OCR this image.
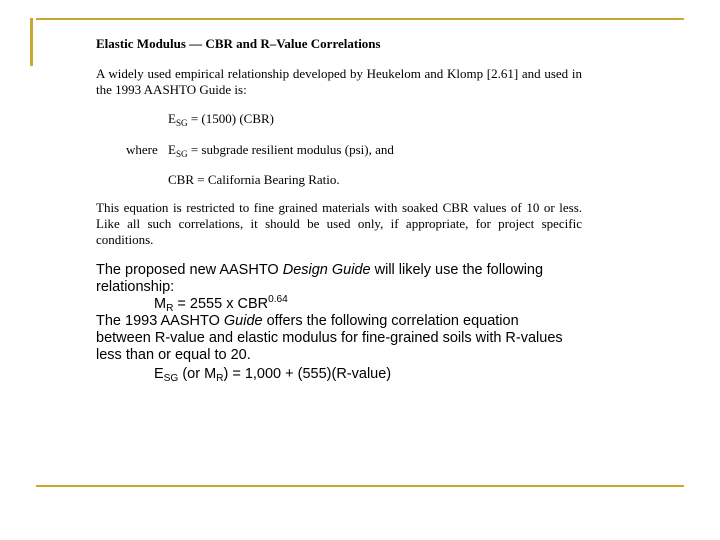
Elastic Modulus — CBR and R–Value Correlations
A widely used empirical relationship developed by Heukelom and Klomp [2.61] and used in the 1993 AASHTO Guide is:
$E_{SG} = (1500)$ (CBR)
where $E_{SG}$ = subgrade resilient modulus (psi), and
CBR = California Bearing Ratio.
This equation is restricted to fine grained materials with soaked CBR values of 10 or less. Like all such correlations, it should be used only, if appropriate, for project specific conditions.
The proposed new AASHTO Design Guide will likely use the following relationship:
$M_R = 2555$ x $CBR^{0.64}$
The 1993 AASHTO Guide offers the following correlation equation between R-value and elastic modulus for fine-grained soils with R-values less than or equal to 20.
$E_{SG}$ (or $M_R) = 1,000$ + (555)(R-value)
